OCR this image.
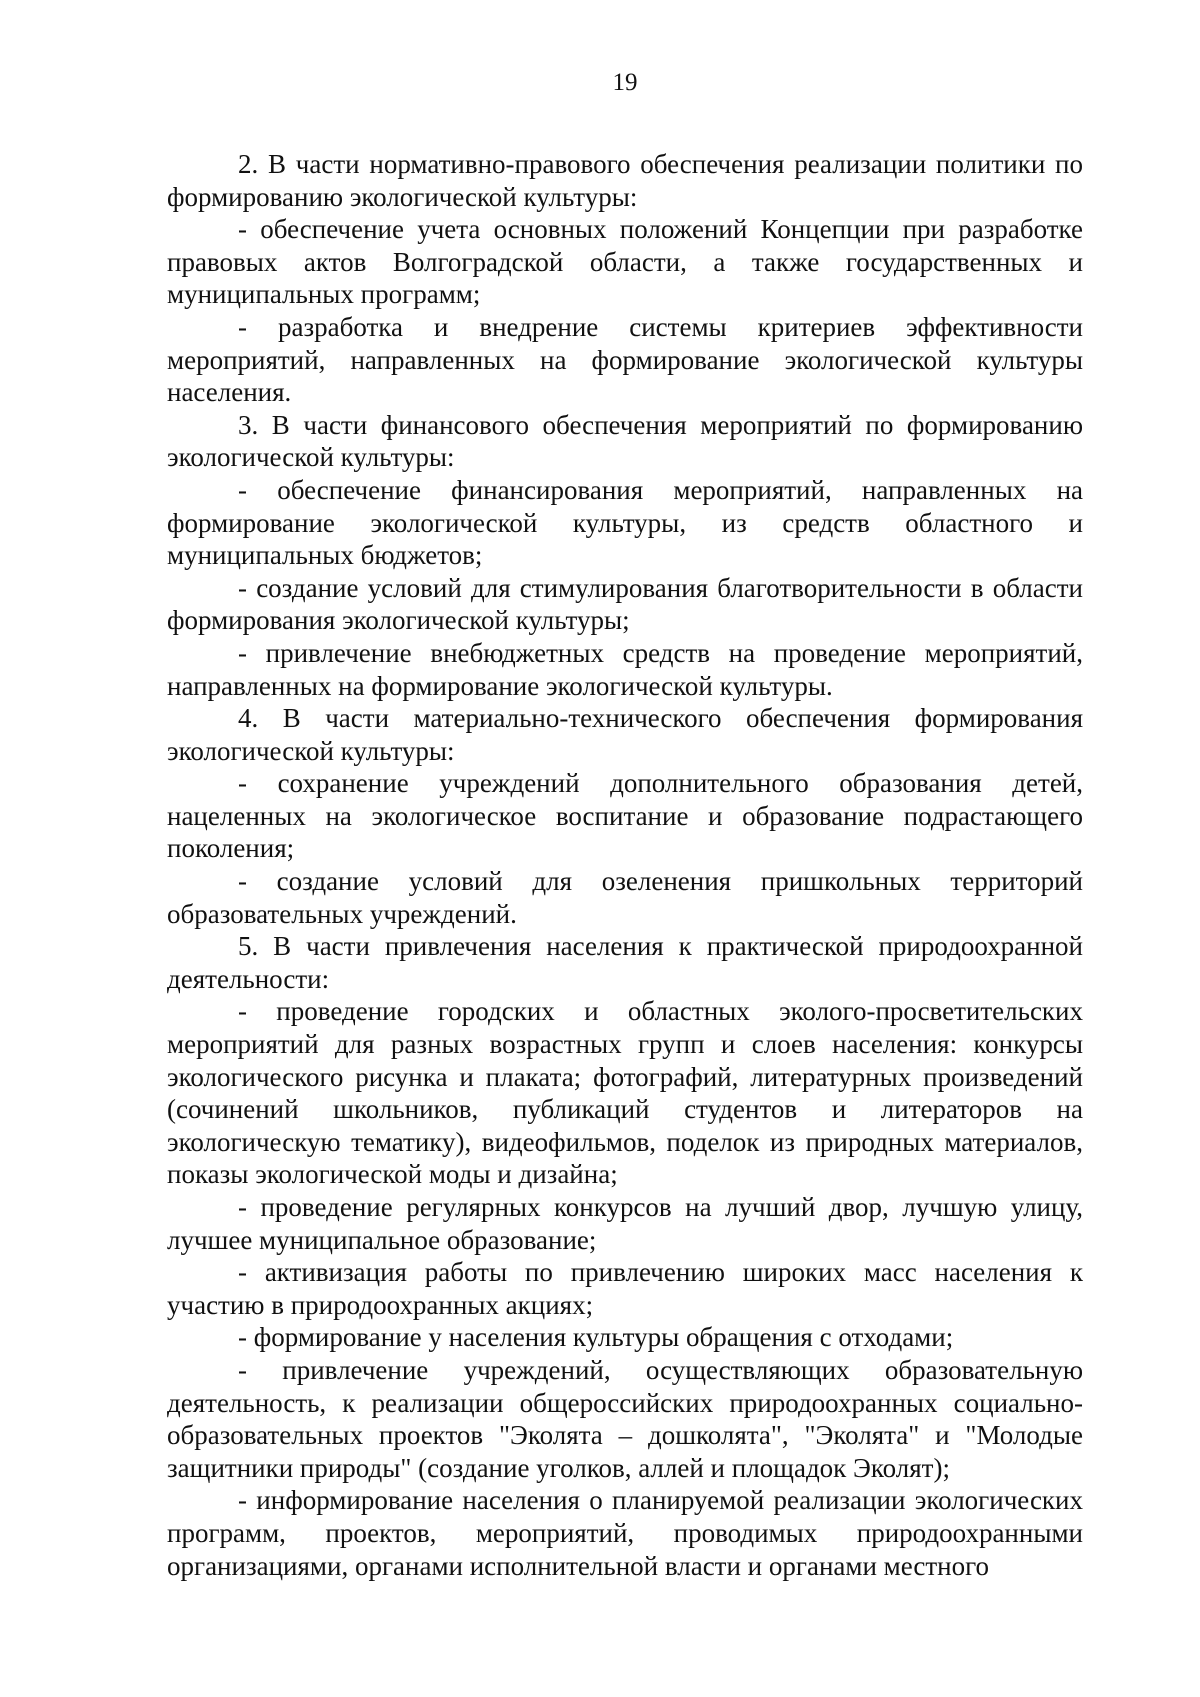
19

2. В части нормативно-правового обеспечения реализации политики по формированию экологической культуры:

- обеспечение учета основных положений Концепции при разработке правовых актов Волгоградской области, а также государственных и муниципальных программ;

- разработка и внедрение системы критериев эффективности мероприятий, направленных на формирование экологической культуры населения.

3. В части финансового обеспечения мероприятий по формированию экологической культуры:

- обеспечение финансирования мероприятий, направленных на формирование экологической культуры, из средств областного и муниципальных бюджетов;

- создание условий для стимулирования благотворительности в области формирования экологической культуры;

- привлечение внебюджетных средств на проведение мероприятий, направленных на формирование экологической культуры.

4. В части материально-технического обеспечения формирования экологической культуры:

- сохранение учреждений дополнительного образования детей, нацеленных на экологическое воспитание и образование подрастающего поколения;

- создание условий для озеленения пришкольных территорий образовательных учреждений.

5. В части привлечения населения к практической природоохранной деятельности:

- проведение городских и областных эколого-просветительских мероприятий для разных возрастных групп и слоев населения: конкурсы экологического рисунка и плаката; фотографий, литературных произведений (сочинений школьников, публикаций студентов и литераторов на экологическую тематику), видеофильмов, поделок из природных материалов, показы экологической моды и дизайна;

- проведение регулярных конкурсов на лучший двор, лучшую улицу, лучшее муниципальное образование;

- активизация работы по привлечению широких масс населения к участию в природоохранных акциях;

- формирование у населения культуры обращения с отходами;

- привлечение учреждений, осуществляющих образовательную деятельность, к реализации общероссийских природоохранных социально-образовательных проектов "Эколята – дошколята", "Эколята" и "Молодые защитники природы" (создание уголков, аллей и площадок Эколят);

- информирование населения о планируемой реализации экологических программ, проектов, мероприятий, проводимых природоохранными организациями, органами исполнительной власти и органами местного
